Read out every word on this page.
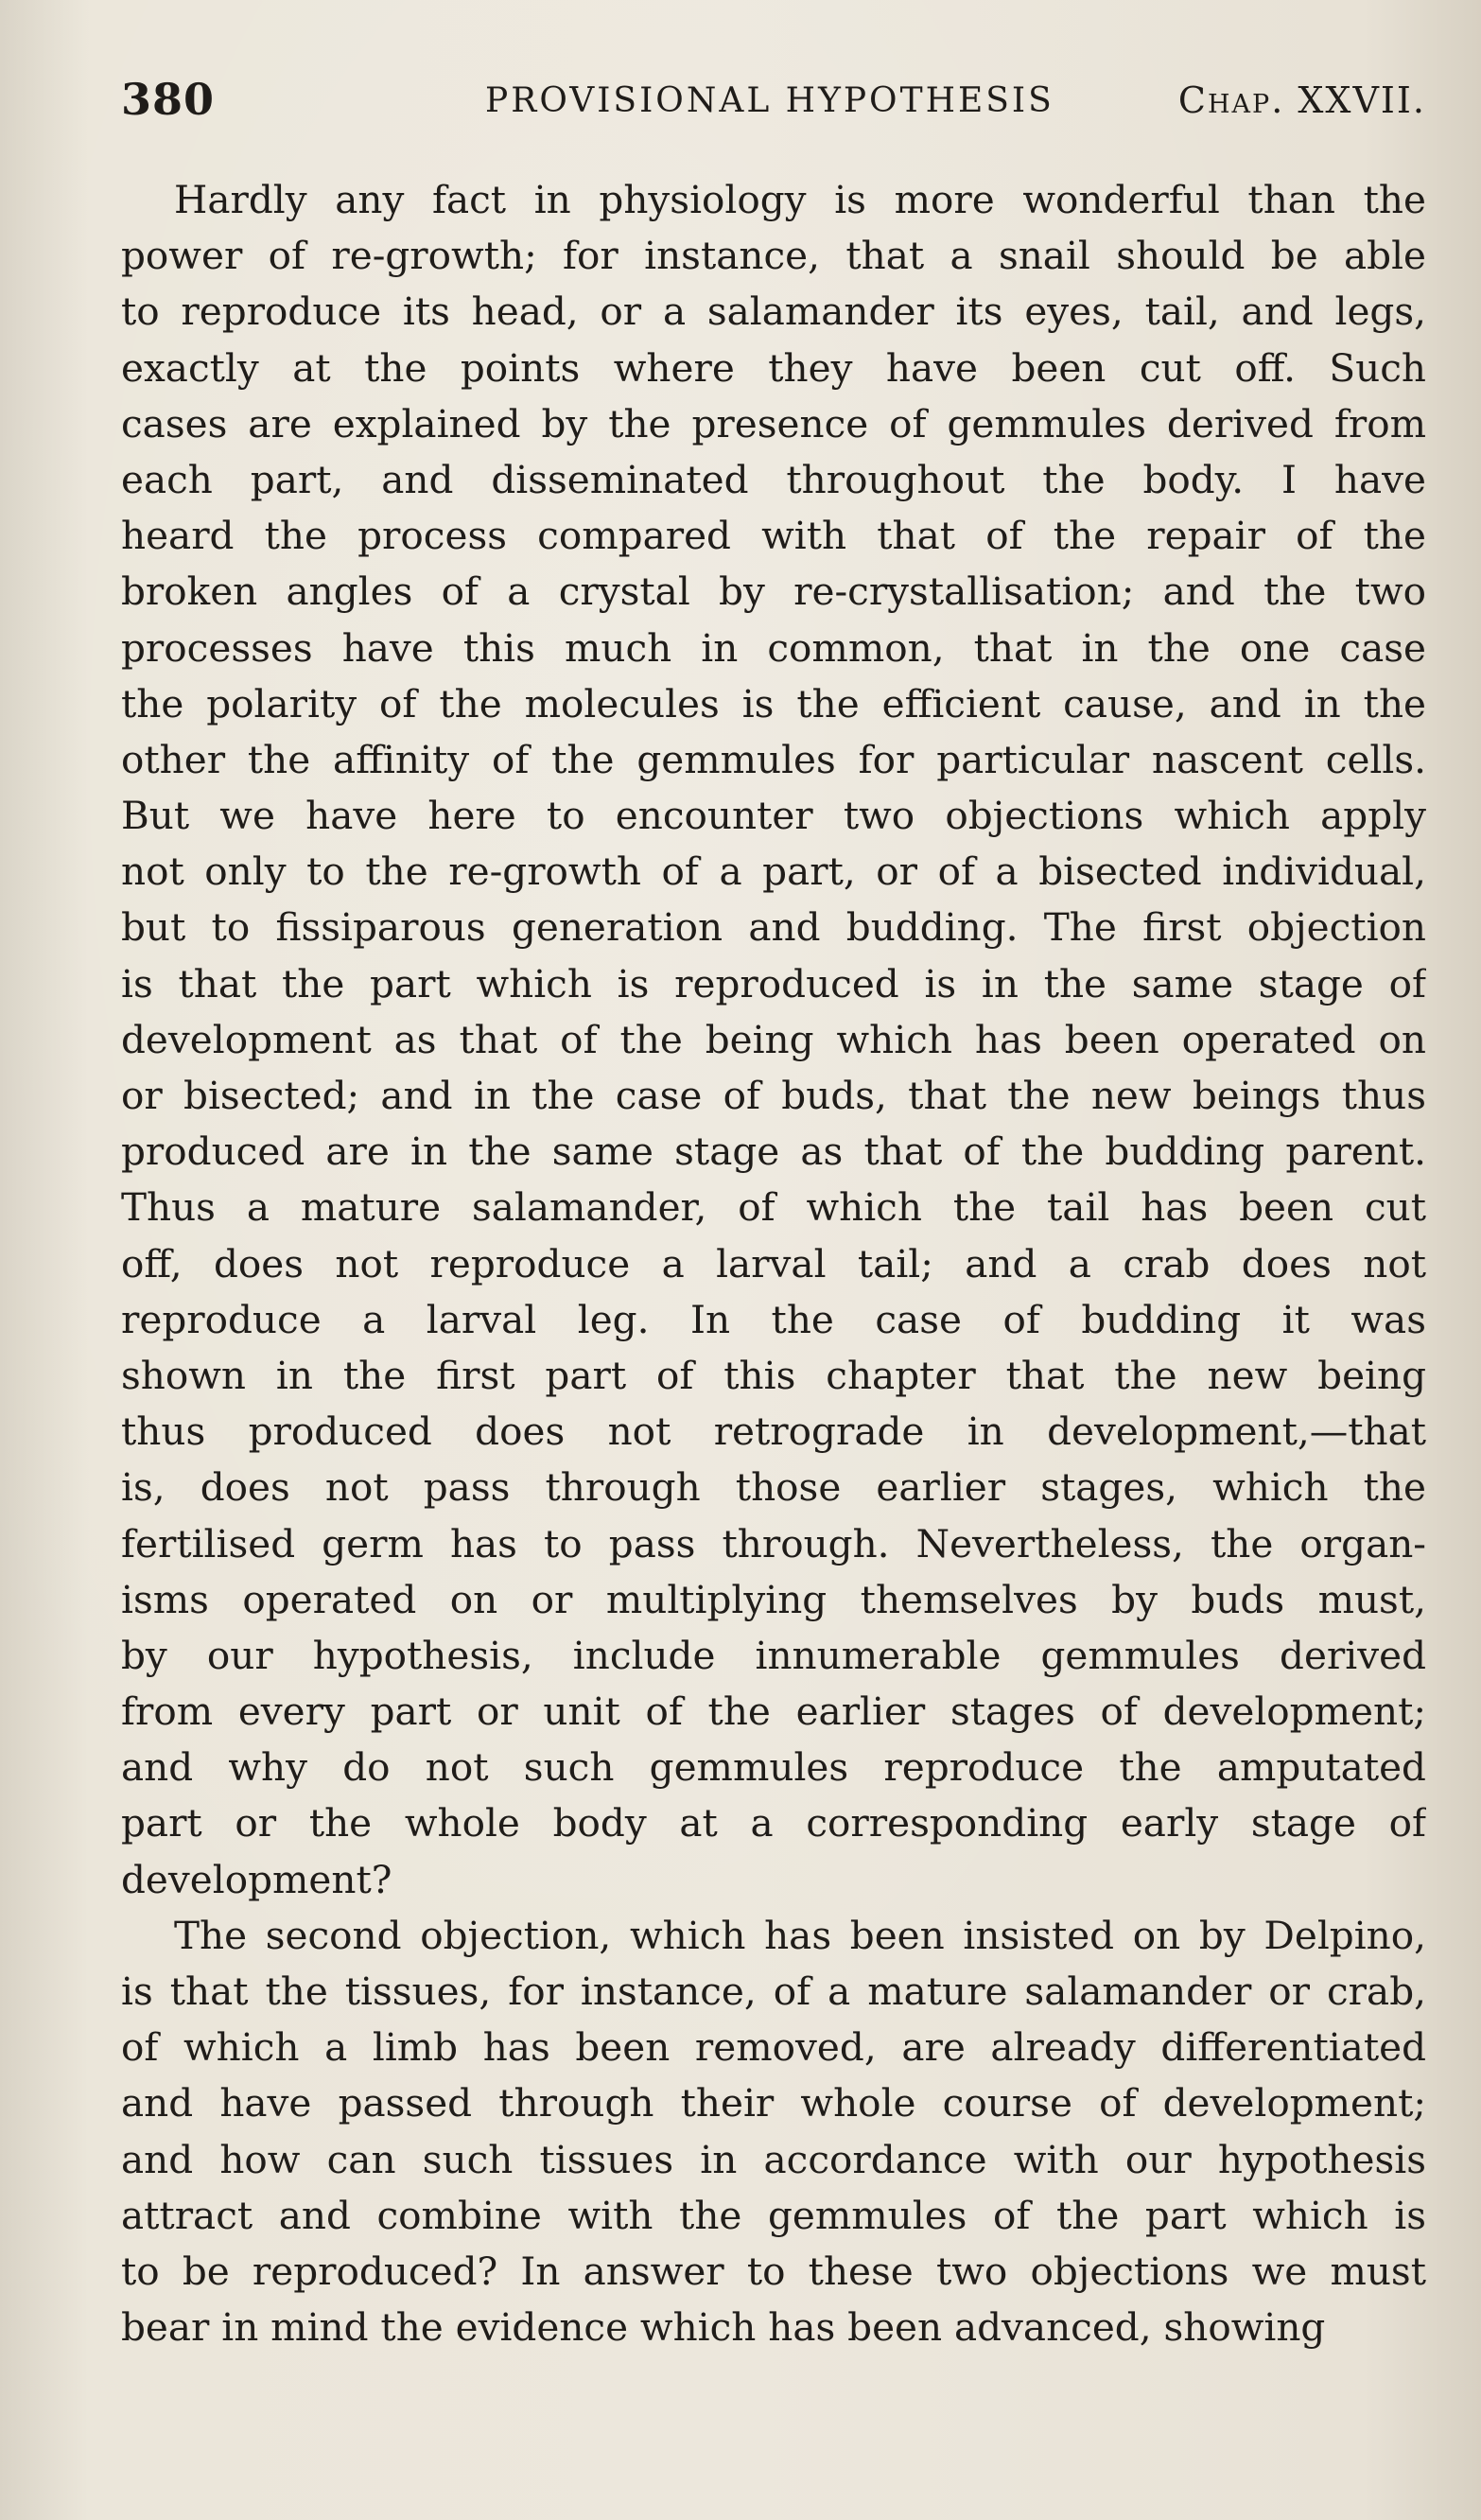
380	PROVISIONAL HYPOTHESIS	Chap. XXVII.
Hardly any fact in physiology is more wonderful than the
power of re-growth; for instance, that a snail should be able
to reproduce its head, or a salamander its eyes, tail, and legs,
exactly at the points where they have been cut off. Such
cases are explained by the presence of gemmules derived from
each part, and disseminated throughout the body. I have
heard the process compared with that of the repair of the
broken angles of a crystal by re-crystallisation; and the two
processes have this much in common, that in the one case
the polarity of the molecules is the efficient cause, and in the
other the affinity of the gemmules for particular nascent cells.
But we have here to encounter two objections which apply
not only to the re-growth of a part, or of a bisected individual,
but to fissiparous generation and budding. The first objection
is that the part which is reproduced is in the same stage of
development as that of the being which has been operated on
or bisected; and in the case of buds, that the new beings thus
produced are in the same stage as that of the budding parent.
Thus a mature salamander, of which the tail has been cut
off, does not reproduce a larval tail; and a crab does not
reproduce a larval leg. In the case of budding it was
shown in the first part of this chapter that the new being
thus produced does not retrograde in development,—that
is, does not pass through those earlier stages, which the
fertilised germ has to pass through. Nevertheless, the organ-
isms operated on or multiplying themselves by buds must,
by our hypothesis, include innumerable gemmules derived
from every part or unit of the earlier stages of development;
and why do not such gemmules reproduce the amputated
part or the whole body at a corresponding early stage of
development?
The second objection, which has been insisted on by Delpino,
is that the tissues, for instance, of a mature salamander or crab,
of which a limb has been removed, are already differentiated
and have passed through their whole course of development;
and how can such tissues in accordance with our hypothesis
attract and combine with the gemmules of the part which is
to be reproduced? In answer to these two objections we must
bear in mind the evidence which has been advanced, showing
